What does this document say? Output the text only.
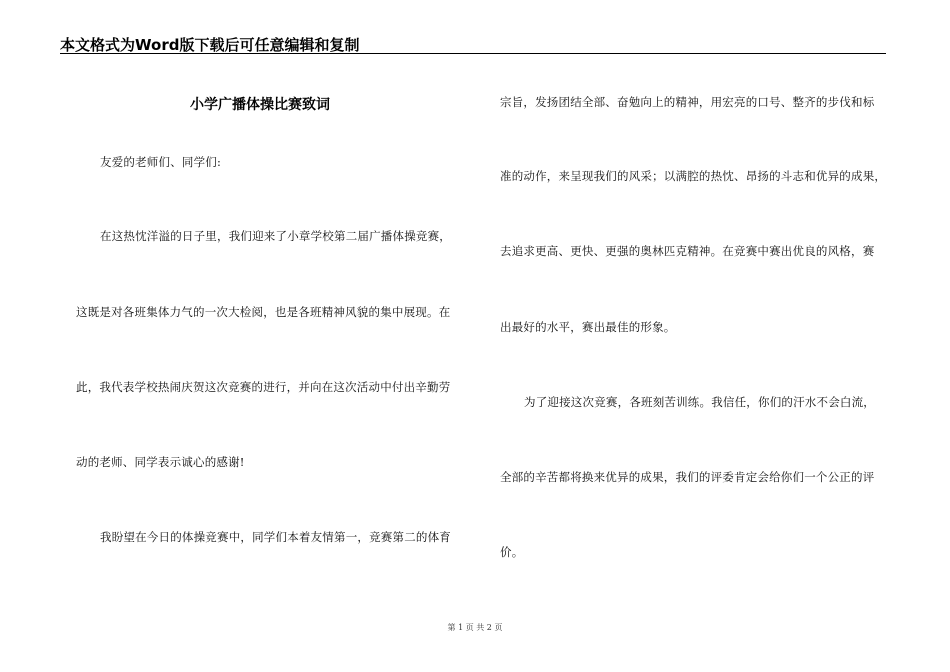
本文格式为Word版下载后可任意编辑和复制
小学广播体操比赛致词
友爱的老师们、同学们:
在这热忱洋溢的日子里，我们迎来了小章学校第二届广播体操竞赛，
这既是对各班集体力气的一次大检阅，也是各班精神风貌的集中展现。在
此，我代表学校热闹庆贺这次竞赛的进行，并向在这次活动中付出辛勤劳
动的老师、同学表示诚心的感谢!
我盼望在今日的体操竞赛中，同学们本着友情第一，竞赛第二的体育
宗旨，发扬团结全部、奋勉向上的精神，用宏亮的口号、整齐的步伐和标
准的动作，来呈现我们的风采；以满腔的热忱、昂扬的斗志和优异的成果，
去追求更高、更快、更强的奥林匹克精神。在竞赛中赛出优良的风格，赛
出最好的水平，赛出最佳的形象。
为了迎接这次竞赛，各班刻苦训练。我信任，你们的汗水不会白流，
全部的辛苦都将换来优异的成果，我们的评委肯定会给你们一个公正的评
价。
第 1 页 共 2 页
